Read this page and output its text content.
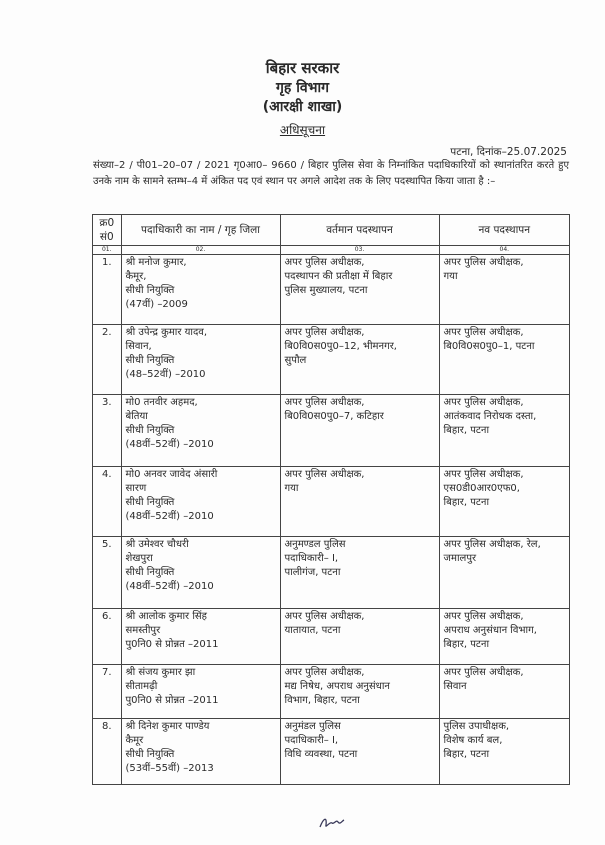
बिहार सरकार
गृह विभाग
(आरक्षी शाखा)
अधिसूचना
पटना, दिनांक–25.07.2025
संख्या–2 / पी01–20–07 / 2021 गृ0आ0– 9660 / बिहार पुलिस सेवा के निम्नांकित पदाधिकारियों को स्थानांतरित करते हुए उनके नाम के सामने स्तम्भ–4 में अंकित पद एवं स्थान पर अगले आदेश तक के लिए पदस्थापित किया जाता है :–
क्र0 सं0	पदाधिकारी का नाम / गृह जिला	वर्तमान पदस्थापन	नव पदस्थापन
01.	02.	03.	04.
1.	श्री मनोज कुमार,
कैमूर,
सीधी नियुक्ति
(47वीं) –2009	अपर पुलिस अधीक्षक,
पदस्थापन की प्रतीक्षा में बिहार
पुलिस मुख्यालय, पटना	अपर पुलिस अधीक्षक,
गया

2.	श्री उपेन्द्र कुमार यादव,
सिवान,
सीधी नियुक्ति
(48–52वीं) –2010	अपर पुलिस अधीक्षक,
बि0वि0स0पु0–12, भीमनगर,
सुपौल	अपर पुलिस अधीक्षक,
बि0वि0स0पु0–1, पटना

3.	मो0 तनवीर अहमद,
बेतिया
सीधी नियुक्ति
(48वीं–52वीं) –2010	अपर पुलिस अधीक्षक,
बि0वि0स0पु0–7, कटिहार	अपर पुलिस अधीक्षक,
आतंकवाद निरोधक दस्ता,
बिहार, पटना

4.	मो0 अनवर जावेद अंसारी
सारण
सीधी नियुक्ति
(48वीं–52वीं) –2010	अपर पुलिस अधीक्षक,
गया	अपर पुलिस अधीक्षक,
एस0डी0आर0एफ0,
बिहार, पटना

5.	श्री उमेश्वर चौधरी
शेखपुरा
सीधी नियुक्ति
(48वीं–52वीं) –2010	अनुमण्डल पुलिस
पदाधिकारी– I,
पालीगंज, पटना	अपर पुलिस अधीक्षक, रेल,
जमालपुर

6.	श्री आलोक कुमार सिंह
समस्तीपुर
पु0नि0 से प्रोन्नत –2011	अपर पुलिस अधीक्षक,
यातायात, पटना	अपर पुलिस अधीक्षक,
अपराध अनुसंधान विभाग,
बिहार, पटना

7.	श्री संजय कुमार झा
सीतामढ़ी
पु0नि0 से प्रोन्नत –2011	अपर पुलिस अधीक्षक,
मद्य निषेध, अपराध अनुसंधान
विभाग, बिहार, पटना	अपर पुलिस अधीक्षक,
सिवान

8.	श्री दिनेश कुमार पाण्डेय
कैमूर
सीधी नियुक्ति
(53वीं–55वीं) –2013	अनुमंडल पुलिस
पदाधिकारी– I,
विधि व्यवस्था, पटना	पुलिस उपाधीक्षक,
विशेष कार्य बल,
बिहार, पटना
